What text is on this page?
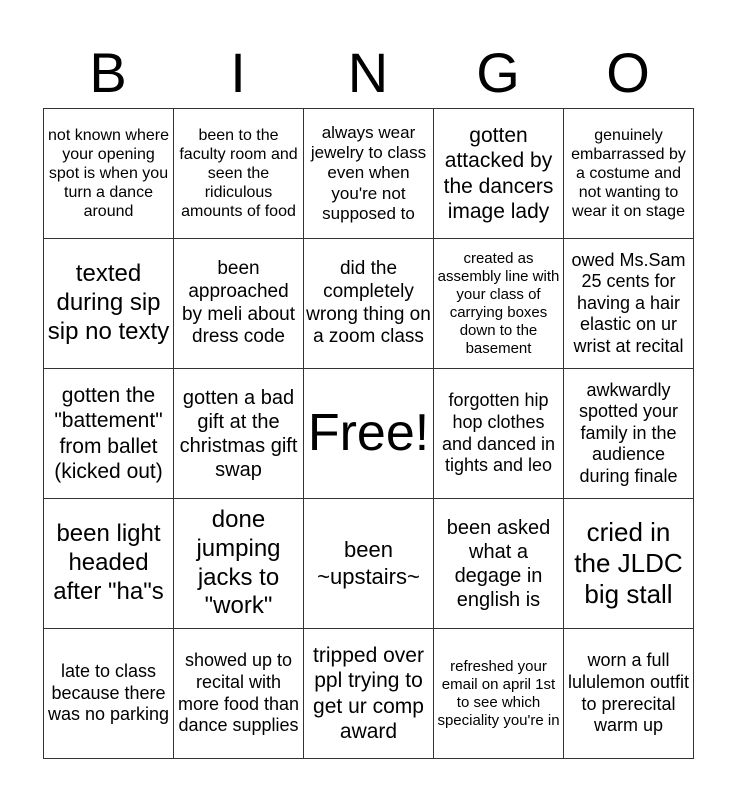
B	I	N	G	O
not known where your opening spot is when you turn a dance around	been to the faculty room and seen the ridiculous amounts of food	always wear jewelry to class even when you're not supposed to	gotten attacked by the dancers image lady	genuinely embarrassed by a costume and not wanting to wear it on stage

texted during sip sip no texty	been approached by meli about dress code	did the completely wrong thing on a zoom class	created as assembly line with your class of carrying boxes down to the basement	owed Ms.Sam 25 cents for having a hair elastic on ur wrist at recital

gotten the "battement" from ballet (kicked out)	gotten a bad gift at the christmas gift swap	Free!	forgotten hip hop clothes and danced in tights and leo	awkwardly spotted your family in the audience during finale

been light headed after "ha"s	done jumping jacks to "work"	been ~upstairs~	been asked what a degage in english is	cried in the JLDC big stall

late to class because there was no parking	showed up to recital with more food than dance supplies	tripped over ppl trying to get ur comp award	refreshed your email on april 1st to see which speciality you're in	worn a full lululemon outfit to prerecital warm up
